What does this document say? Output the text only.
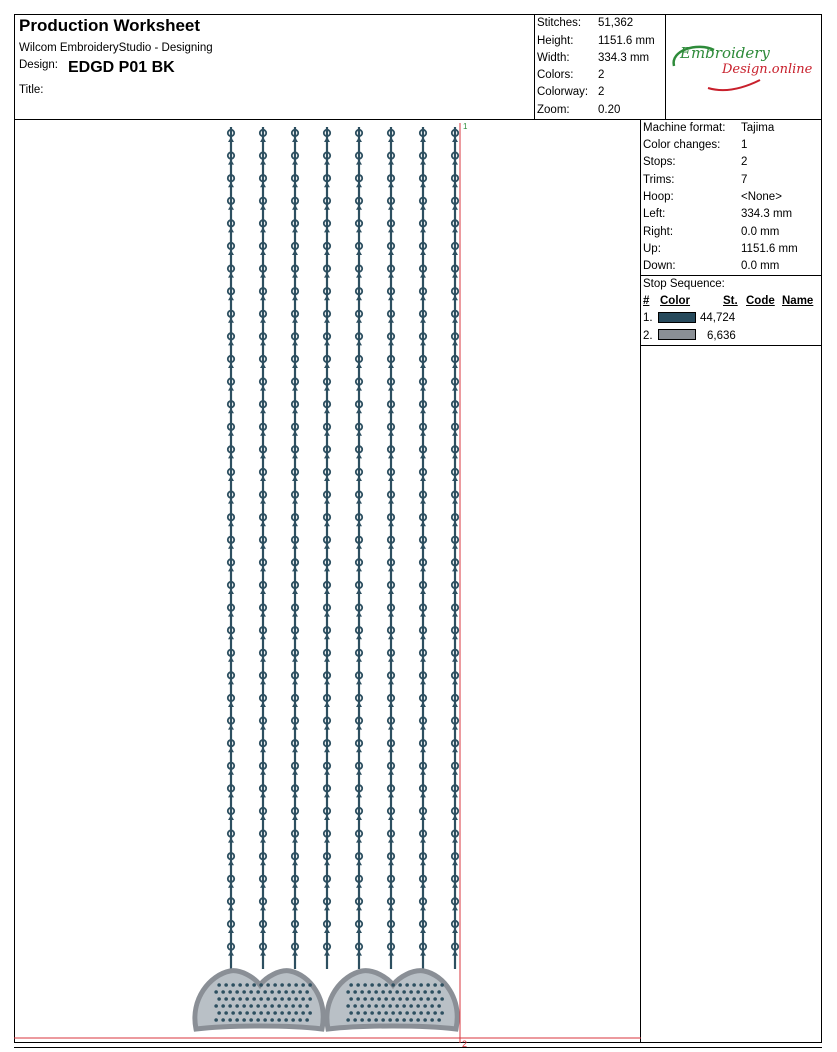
Production Worksheet
Wilcom EmbroideryStudio - Designing
Design: EDGD P01 BK
Title:
Stitches: 51,362
Height: 1151.6 mm
Width: 334.3 mm
Colors: 2
Colorway: 2
Zoom: 0.20
Embroidery
Design.online
Machine format: Tajima
Color changes: 1
Stops:	2
Trims:	7
Hoop:	<None>
Left:	334.3 mm
Right:	0.0 mm
Up:	1151.6 mm
Down:	0.0 mm
Stop Sequence:
# Color	St. Code Name
1.	44,724
2.	6,636
1
2
